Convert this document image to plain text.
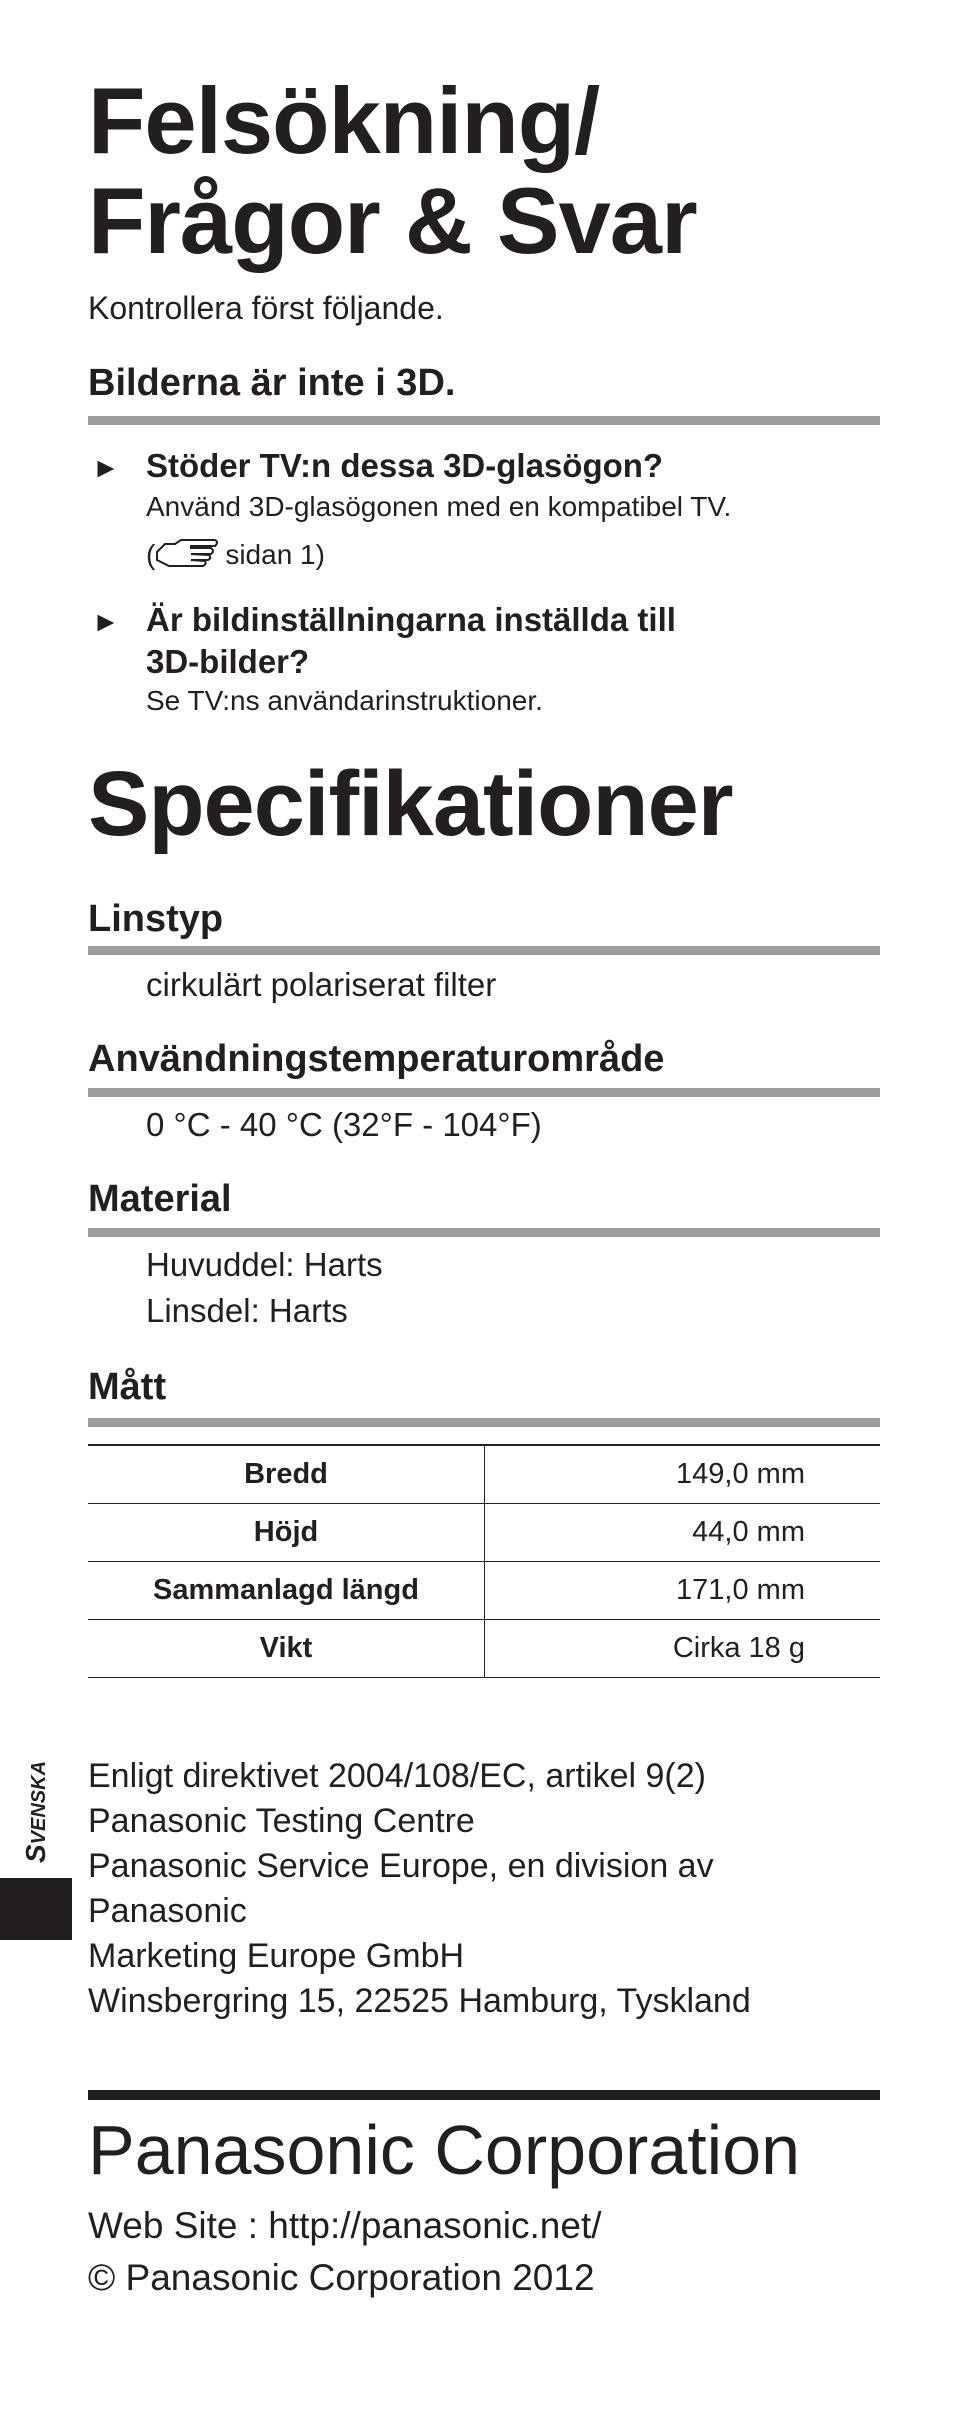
SVENSKA
Felsökning/
Frågor & Svar
Kontrollera först följande.
Bilderna är inte i 3D.
► Stöder TV:n dessa 3D-glasögon?
Använd 3D-glasögonen med en kompatibel TV.
(	sidan 1)
► Är bildinställningarna inställda till
3D-bilder?
Se TV:ns användarinstruktioner.
Specifikationer
Linstyp
cirkulärt polariserat filter
Användningstemperaturområde
0 °C - 40 °C (32°F - 104°F)
Material
Huvuddel: Harts
Linsdel: Harts
Mått
Bredd	149,0 mm
Höjd	44,0 mm
Sammanlagd längd	171,0 mm
Vikt	Cirka 18 g
Enligt direktivet 2004/108/EC, artikel 9(2)
Panasonic Testing Centre
Panasonic Service Europe, en division av
Panasonic
Marketing Europe GmbH
Winsbergring 15, 22525 Hamburg, Tyskland
Panasonic Corporation
Web Site : http://panasonic.net/
© Panasonic Corporation 2012
